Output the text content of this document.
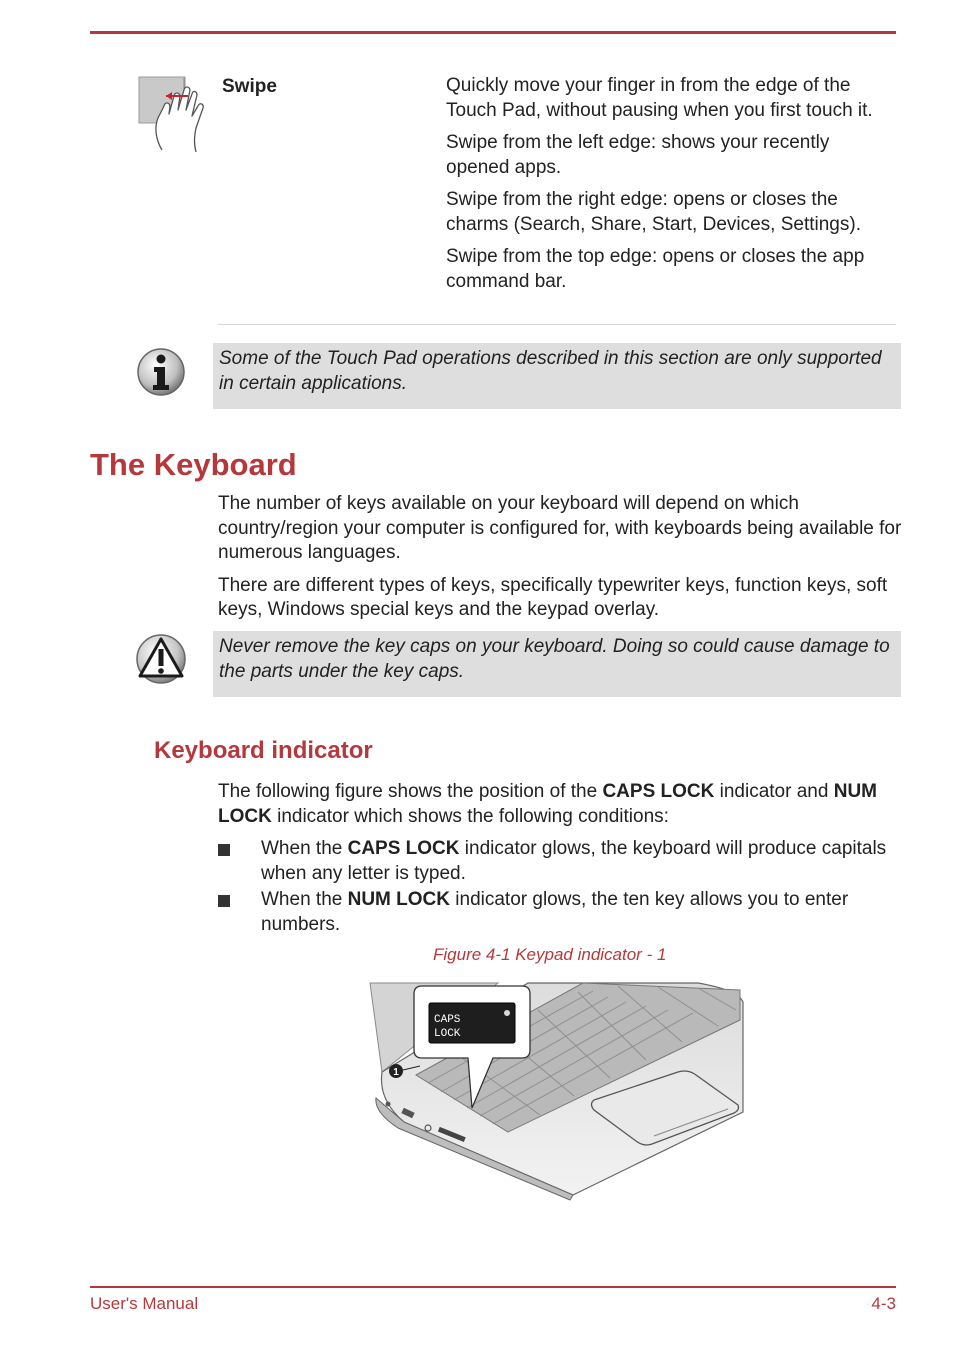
Swipe	Quickly move your finger in from the edge of the Touch Pad, without pausing when you first touch it.

Swipe from the left edge: shows your recently opened apps.

Swipe from the right edge: opens or closes the charms (Search, Share, Start, Devices, Settings).

Swipe from the top edge: opens or closes the app command bar.

Some of the Touch Pad operations described in this section are only supported in certain applications.

The Keyboard

The number of keys available on your keyboard will depend on which country/region your computer is configured for, with keyboards being available for numerous languages.

There are different types of keys, specifically typewriter keys, function keys, soft keys, Windows special keys and the keypad overlay.

Never remove the key caps on your keyboard. Doing so could cause damage to the parts under the key caps.

Keyboard indicator
The following figure shows the position of the CAPS LOCK indicator and NUM LOCK indicator which shows the following conditions:
When the CAPS LOCK indicator glows, the keyboard will produce capitals when any letter is typed.
When the NUM LOCK indicator glows, the ten key allows you to enter numbers.
Figure 4-1 Keypad indicator - 1
1
CAPS
LOCK
User's Manual	4-3
